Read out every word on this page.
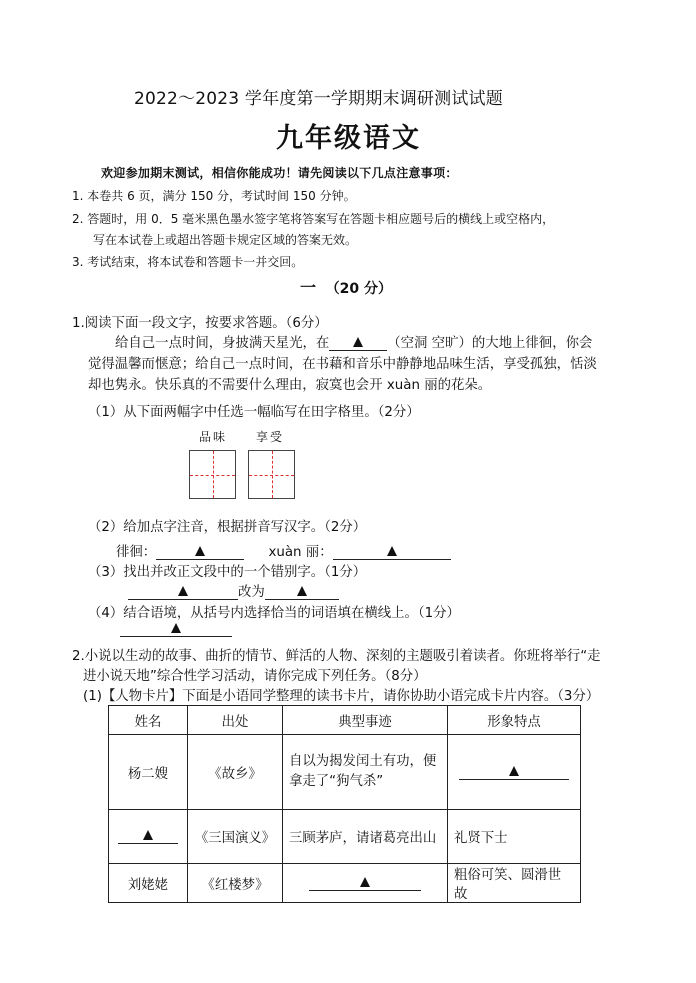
2022～2023 学年度第一学期期末调研测试试题
九年级语文
欢迎参加期末测试，相信你能成功！请先阅读以下几点注意事项：
1. 本卷共 6 页，满分 150 分，考试时间 150 分钟。
2. 答题时，用 0．5 毫米黑色墨水签字笔将答案写在答题卡相应题号后的横线上或空格内，
写在本试卷上或超出答题卡规定区域的答案无效。
3. 考试结束，将本试卷和答题卡一并交回。
一 （20 分）
1.阅读下面一段文字，按要求答题。（6分）
给自己一点时间，身披满天星光，在	（空洞 空旷）的大地上徘徊，你会
觉得温馨而惬意；给自己一点时间，在书藉和音乐中静静地品味生活，享受孤独，恬淡
却也隽永。快乐真的不需要什么理由，寂寞也会开 xuàn 丽的花朵。
（1）从下面两幅字中任选一幅临写在田字格里。（2分）
品味 享受
（2）给加点字注音，根据拼音写汉字。（2分）
徘徊：	xuàn 丽：
（3）找出并改正文段中的一个错别字。（1分）
改为
（4）结合语境，从括号内选择恰当的词语填在横线上。（1分）
2.小说以生动的故事、曲折的情节、鲜活的人物、深刻的主题吸引着读者。你班将举行“走
进小说天地”综合性学习活动，请你完成下列任务。（8分）
(1)【人物卡片】下面是小语同学整理的读书卡片，请你协助小语完成卡片内容。（3分）
姓名	出处	典型事迹	形象特点
杨二嫂	《故乡》	自以为揭发闰土有功，便拿走了“狗气杀”	
	《三国演义》	三顾茅庐，请诸葛亮出山	礼贤下士
刘姥姥	《红楼梦》		粗俗可笑、圆滑世故
